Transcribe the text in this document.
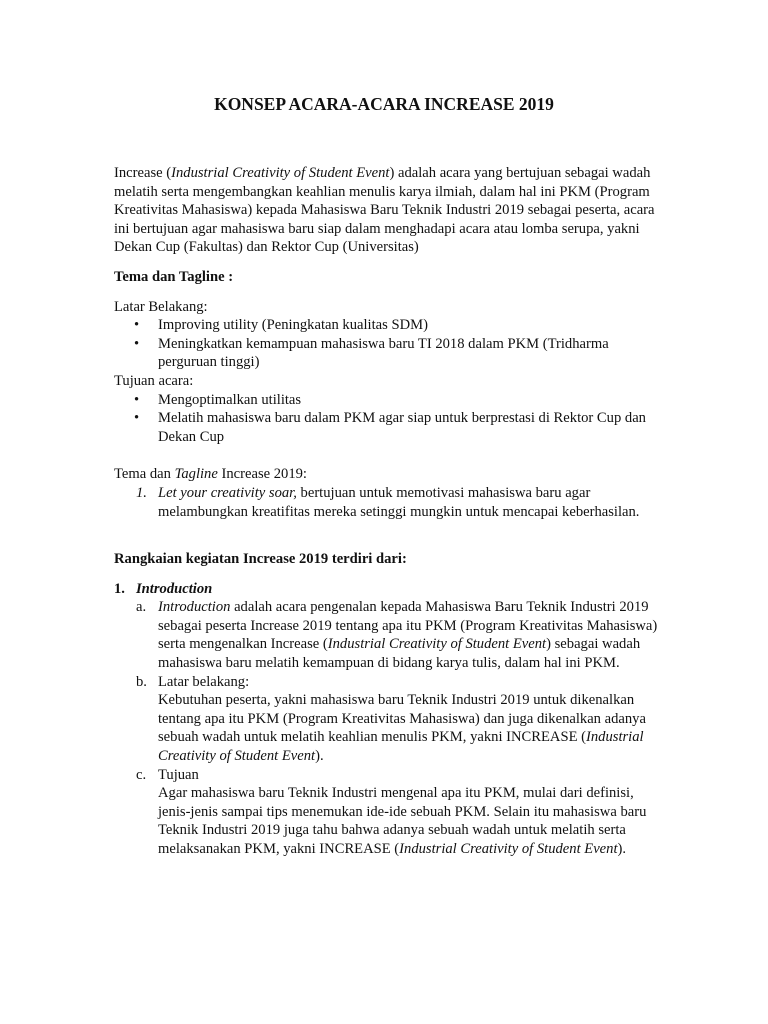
KONSEP ACARA-ACARA INCREASE 2019

Increase (Industrial Creativity of Student Event) adalah acara yang bertujuan sebagai wadah melatih serta mengembangkan keahlian menulis karya ilmiah, dalam hal ini PKM (Program Kreativitas Mahasiswa) kepada Mahasiswa Baru Teknik Industri 2019 sebagai peserta, acara ini bertujuan agar mahasiswa baru siap dalam menghadapi acara atau lomba serupa, yakni Dekan Cup (Fakultas) dan Rektor Cup (Universitas)

Tema dan Tagline :

Latar Belakang:

• Improving utility (Peningkatan kualitas SDM)
• Meningkatkan kemampuan mahasiswa baru TI 2018 dalam PKM (Tridharma perguruan tinggi)

Tujuan acara:

• Mengoptimalkan utilitas
• Melatih mahasiswa baru dalam PKM agar siap untuk berprestasi di Rektor Cup dan Dekan Cup

Tema dan Tagline Increase 2019:

1. Let your creativity soar, bertujuan untuk memotivasi mahasiswa baru agar melambungkan kreatifitas mereka setinggi mungkin untuk mencapai keberhasilan.

Rangkaian kegiatan Increase 2019 terdiri dari:

1. Introduction
a. Introduction adalah acara pengenalan kepada Mahasiswa Baru Teknik Industri 2019 sebagai peserta Increase 2019 tentang apa itu PKM (Program Kreativitas Mahasiswa) serta mengenalkan Increase (Industrial Creativity of Student Event) sebagai wadah mahasiswa baru melatih kemampuan di bidang karya tulis, dalam hal ini PKM.
b. Latar belakang:
Kebutuhan peserta, yakni mahasiswa baru Teknik Industri 2019 untuk dikenalkan tentang apa itu PKM (Program Kreativitas Mahasiswa) dan juga dikenalkan adanya sebuah wadah untuk melatih keahlian menulis PKM, yakni INCREASE (Industrial Creativity of Student Event).
c. Tujuan
Agar mahasiswa baru Teknik Industri mengenal apa itu PKM, mulai dari definisi, jenis-jenis sampai tips menemukan ide-ide sebuah PKM. Selain itu mahasiswa baru Teknik Industri 2019 juga tahu bahwa adanya sebuah wadah untuk melatih serta melaksanakan PKM, yakni INCREASE (Industrial Creativity of Student Event).
